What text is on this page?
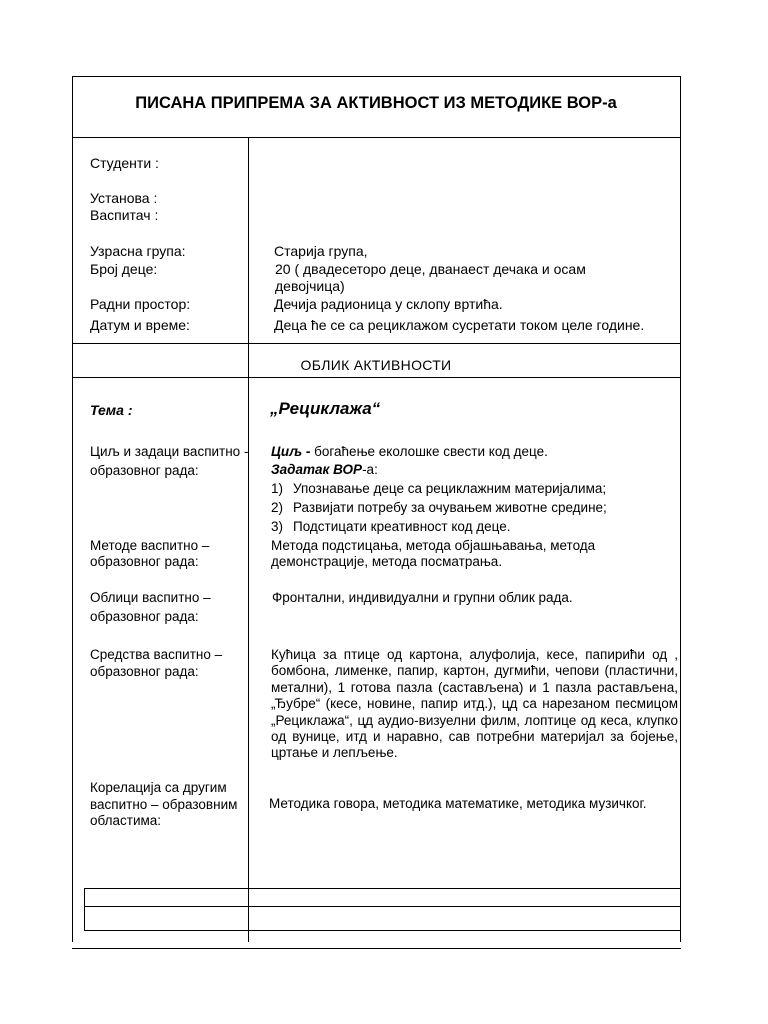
ПИСАНА ПРИПРЕМА ЗА АКТИВНОСТ ИЗ МЕТОДИКЕ ВОР-а
Студенти :
Установа :
Васпитач :
Узрасна група:	Старија група,
Број деце:	20 ( двадесеторо деце, дванаест дечака и осам
девојчица)
Радни простор:	Дечија радионица у склопу вртића.
Датум и време:	Деца ће се са рециклажом сусретати током целе године.
ОБЛИК АКТИВНОСТИ
Тема :	„Рециклажа“
Циљ и задаци васпитно -
образовног рада:
Циљ - богаћење еколошке свести код деце.
Задатак ВОР-а:
1) Упознавање деце са рециклажним материјалима;
2) Развијати потребу за очувањем животне средине;
3) Подстицати креативност код деце.
Методе васпитно –
образовног рада:
Метода подстицања, метода објашњавања, метода
демонстрације, метода посматрања.
Облици васпитно –
образовног рада:
Фронтални, индивидуални и групни облик рада.
Средства васпитно –
образовног рада:
Кућица за птице од картона, алуфолија, кесе, папирићи од , бомбона, лименке, папир, картон, дугмићи, чепови (пластични, метални), 1 готова пазла (састављена) и 1 пазла растављена, „Ђубре“ (кесе, новине, папир итд.), цд са нарезаном песмицом „Рециклажа“, цд аудио-визуелни филм, лоптице од кеса, клупко од вунице, итд и наравно, сав потребни материјал за бојење, цртање и лепљење.
Корелација са другим
васпитно – образовним
областима:
Методика говора, методика математике, методика музичког.
